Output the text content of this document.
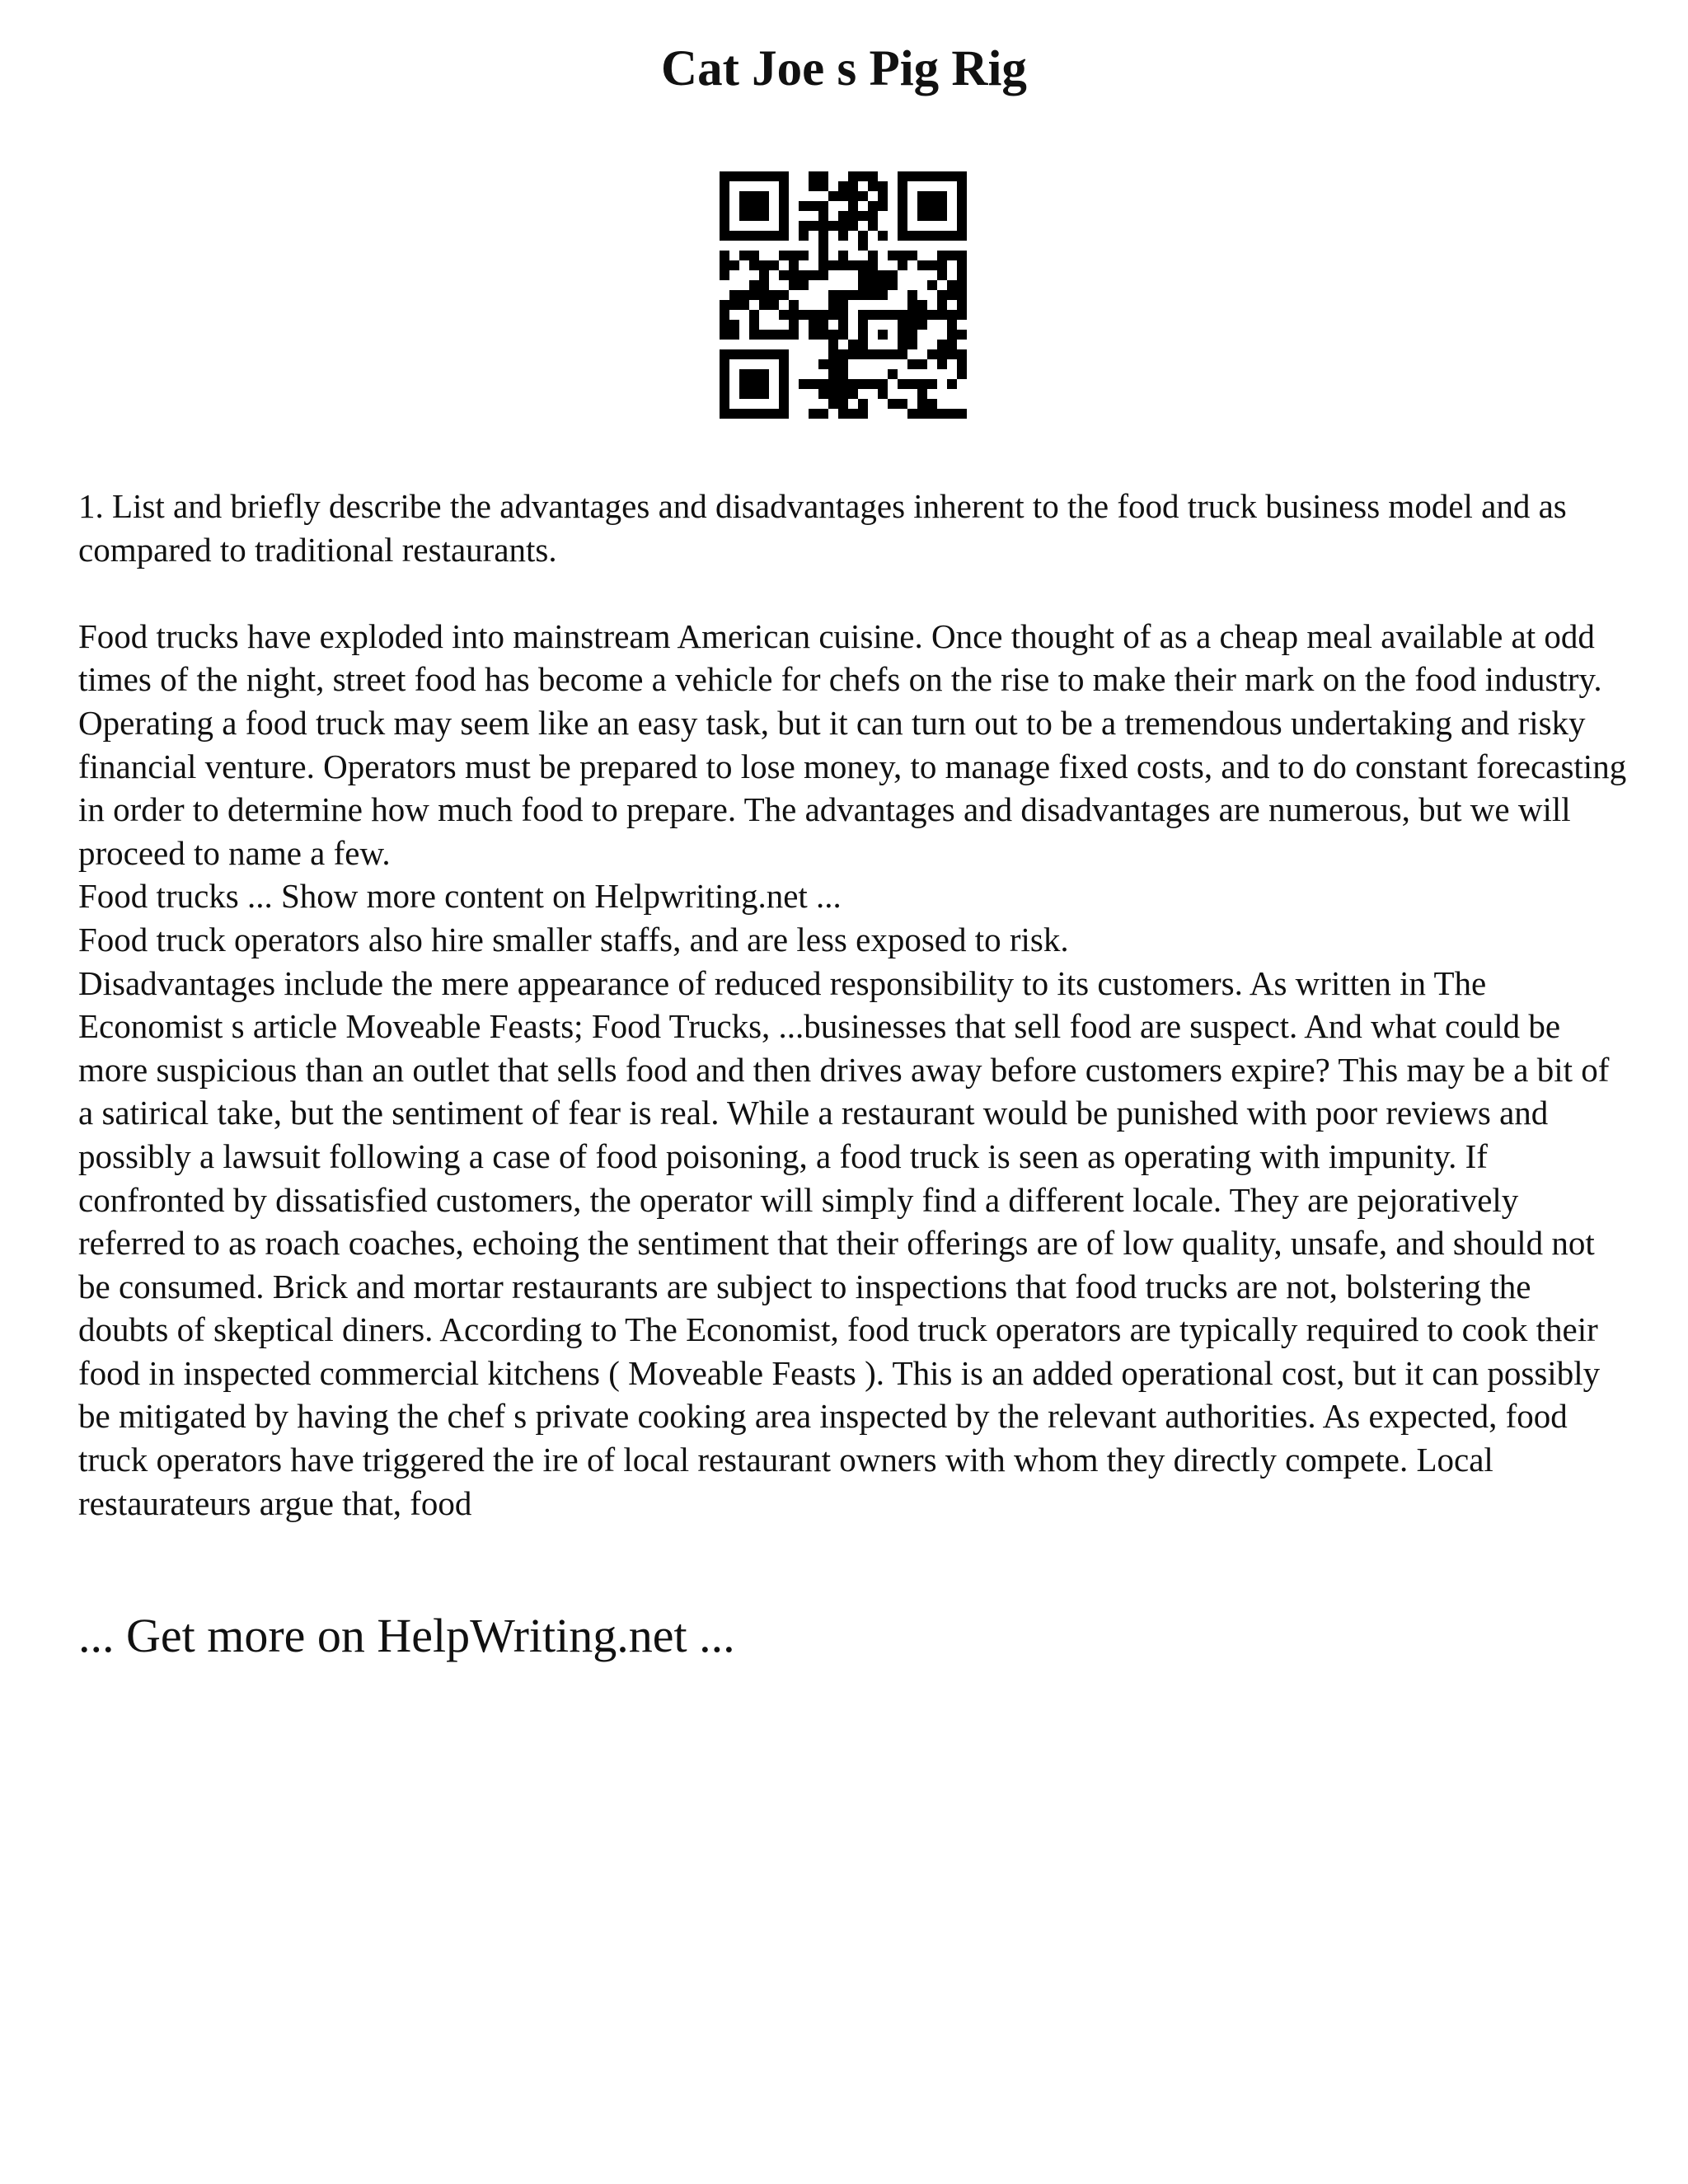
Cat Joe s Pig Rig

1. List and briefly describe the advantages and disadvantages inherent to the food truck business model and as compared to traditional restaurants.

Food trucks have exploded into mainstream American cuisine. Once thought of as a cheap meal available at odd times of the night, street food has become a vehicle for chefs on the rise to make their mark on the food industry. Operating a food truck may seem like an easy task, but it can turn out to be a tremendous undertaking and risky financial venture. Operators must be prepared to lose money, to manage fixed costs, and to do constant forecasting in order to determine how much food to prepare. The advantages and disadvantages are numerous, but we will proceed to name a few.

Food trucks ... Show more content on Helpwriting.net ...

Food truck operators also hire smaller staffs, and are less exposed to risk.

Disadvantages include the mere appearance of reduced responsibility to its customers. As written in The Economist s article Moveable Feasts; Food Trucks, ...businesses that sell food are suspect. And what could be more suspicious than an outlet that sells food and then drives away before customers expire? This may be a bit of a satirical take, but the sentiment of fear is real. While a restaurant would be punished with poor reviews and possibly a lawsuit following a case of food poisoning, a food truck is seen as operating with impunity. If confronted by dissatisfied customers, the operator will simply find a different locale. They are pejoratively referred to as roach coaches, echoing the sentiment that their offerings are of low quality, unsafe, and should not be consumed. Brick and mortar restaurants are subject to inspections that food trucks are not, bolstering the doubts of skeptical diners. According to The Economist, food truck operators are typically required to cook their food in inspected commercial kitchens ( Moveable Feasts ). This is an added operational cost, but it can possibly be mitigated by having the chef s private cooking area inspected by the relevant authorities. As expected, food truck operators have triggered the ire of local restaurant owners with whom they directly compete. Local restaurateurs argue that, food

... Get more on HelpWriting.net ...
